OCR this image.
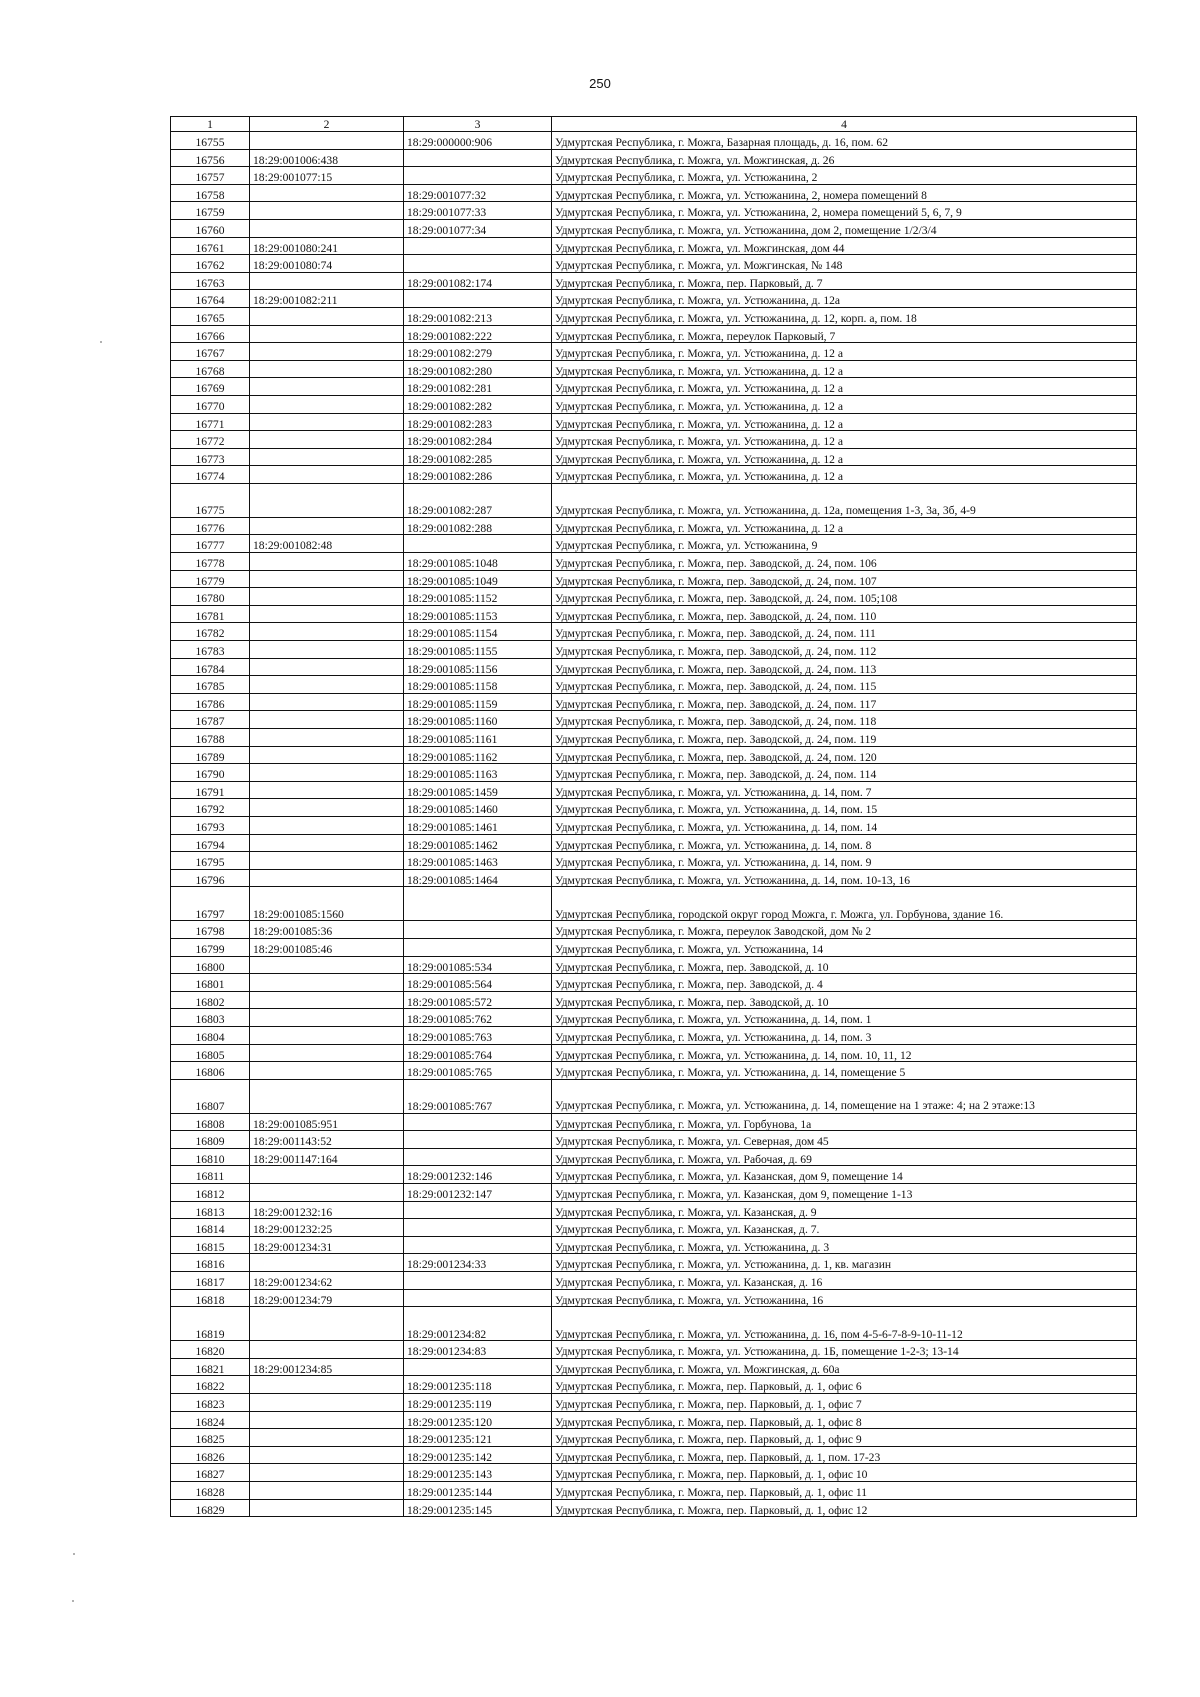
250
1	2	3	4
16755		18:29:000000:906	Удмуртская Республика, г. Можга, Базарная площадь, д. 16, пом. 62
16756	18:29:001006:438		Удмуртская Республика, г. Можга, ул. Можгинская, д. 26
16757	18:29:001077:15		Удмуртская Республика, г. Можга, ул. Устюжанина, 2
16758		18:29:001077:32	Удмуртская Республика, г. Можга, ул. Устюжанина, 2, номера помещений 8
16759		18:29:001077:33	Удмуртская Республика, г. Можга, ул. Устюжанина, 2, номера помещений 5, 6, 7, 9
16760		18:29:001077:34	Удмуртская Республика, г. Можга, ул. Устюжанина, дом 2, помещение 1/2/3/4
16761	18:29:001080:241		Удмуртская Республика, г. Можга, ул. Можгинская, дом 44
16762	18:29:001080:74		Удмуртская Республика, г. Можга, ул. Можгинская, № 148
16763		18:29:001082:174	Удмуртская Республика, г. Можга, пер. Парковый, д. 7
16764	18:29:001082:211		Удмуртская Республика, г. Можга, ул. Устюжанина, д. 12а
16765		18:29:001082:213	Удмуртская Республика, г. Можга, ул. Устюжанина, д. 12, корп. а, пом. 18
16766		18:29:001082:222	Удмуртская Республика, г. Можга, переулок Парковый, 7
16767		18:29:001082:279	Удмуртская Республика, г. Можга, ул. Устюжанина, д. 12 а
16768		18:29:001082:280	Удмуртская Республика, г. Можга, ул. Устюжанина, д. 12 а
16769		18:29:001082:281	Удмуртская Республика, г. Можга, ул. Устюжанина, д. 12 а
16770		18:29:001082:282	Удмуртская Республика, г. Можга, ул. Устюжанина, д. 12 а
16771		18:29:001082:283	Удмуртская Республика, г. Можга, ул. Устюжанина, д. 12 а
16772		18:29:001082:284	Удмуртская Республика, г. Можга, ул. Устюжанина, д. 12 а
16773		18:29:001082:285	Удмуртская Республика, г. Можга, ул. Устюжанина, д. 12 а
16774		18:29:001082:286	Удмуртская Республика, г. Можга, ул. Устюжанина, д. 12 а
16775		18:29:001082:287	Удмуртская Республика, г. Можга, ул. Устюжанина, д. 12а, помещения 1-3, 3а, 3б, 4-9
16776		18:29:001082:288	Удмуртская Республика, г. Можга, ул. Устюжанина, д. 12 а
16777	18:29:001082:48		Удмуртская Республика, г. Можга, ул. Устюжанина, 9
16778		18:29:001085:1048	Удмуртская Республика, г. Можга, пер. Заводской, д. 24, пом. 106
16779		18:29:001085:1049	Удмуртская Республика, г. Можга, пер. Заводской, д. 24, пом. 107
16780		18:29:001085:1152	Удмуртская Республика, г. Можга, пер. Заводской, д. 24, пом. 105;108
16781		18:29:001085:1153	Удмуртская Республика, г. Можга, пер. Заводской, д. 24, пом. 110
16782		18:29:001085:1154	Удмуртская Республика, г. Можга, пер. Заводской, д. 24, пом. 111
16783		18:29:001085:1155	Удмуртская Республика, г. Можга, пер. Заводской, д. 24, пом. 112
16784		18:29:001085:1156	Удмуртская Республика, г. Можга, пер. Заводской, д. 24, пом. 113
16785		18:29:001085:1158	Удмуртская Республика, г. Можга, пер. Заводской, д. 24, пом. 115
16786		18:29:001085:1159	Удмуртская Республика, г. Можга, пер. Заводской, д. 24, пом. 117
16787		18:29:001085:1160	Удмуртская Республика, г. Можга, пер. Заводской, д. 24, пом. 118
16788		18:29:001085:1161	Удмуртская Республика, г. Можга, пер. Заводской, д. 24, пом. 119
16789		18:29:001085:1162	Удмуртская Республика, г. Можга, пер. Заводской, д. 24, пом. 120
16790		18:29:001085:1163	Удмуртская Республика, г. Можга, пер. Заводской, д. 24, пом. 114
16791		18:29:001085:1459	Удмуртская Республика, г. Можга, ул. Устюжанина, д. 14, пом. 7
16792		18:29:001085:1460	Удмуртская Республика, г. Можга, ул. Устюжанина, д. 14, пом. 15
16793		18:29:001085:1461	Удмуртская Республика, г. Можга, ул. Устюжанина, д. 14, пом. 14
16794		18:29:001085:1462	Удмуртская Республика, г. Можга, ул. Устюжанина, д. 14, пом. 8
16795		18:29:001085:1463	Удмуртская Республика, г. Можга, ул. Устюжанина, д. 14, пом. 9
16796		18:29:001085:1464	Удмуртская Республика, г. Можга, ул. Устюжанина, д. 14, пом. 10-13, 16
16797	18:29:001085:1560		Удмуртская Республика, городской округ город Можга, г. Можга, ул. Горбунова, здание 16.
16798	18:29:001085:36		Удмуртская Республика, г. Можга, переулок Заводской, дом № 2
16799	18:29:001085:46		Удмуртская Республика, г. Можга, ул. Устюжанина, 14
16800		18:29:001085:534	Удмуртская Республика, г. Можга, пер. Заводской, д. 10
16801		18:29:001085:564	Удмуртская Республика, г. Можга, пер. Заводской, д. 4
16802		18:29:001085:572	Удмуртская Республика, г. Можга, пер. Заводской, д. 10
16803		18:29:001085:762	Удмуртская Республика, г. Можга, ул. Устюжанина, д. 14, пом. 1
16804		18:29:001085:763	Удмуртская Республика, г. Можга, ул. Устюжанина, д. 14, пом. 3
16805		18:29:001085:764	Удмуртская Республика, г. Можга, ул. Устюжанина, д. 14, пом. 10, 11, 12
16806		18:29:001085:765	Удмуртская Республика, г. Можга, ул. Устюжанина, д. 14, помещение 5
16807		18:29:001085:767	Удмуртская Республика, г. Можга, ул. Устюжанина, д. 14, помещение на 1 этаже: 4; на 2 этаже:13
16808	18:29:001085:951		Удмуртская Республика, г. Можга, ул. Горбунова, 1а
16809	18:29:001143:52		Удмуртская Республика, г. Можга, ул. Северная, дом 45
16810	18:29:001147:164		Удмуртская Республика, г. Можга, ул. Рабочая, д. 69
16811		18:29:001232:146	Удмуртская Республика, г. Можга, ул. Казанская, дом 9, помещение 14
16812		18:29:001232:147	Удмуртская Республика, г. Можга, ул. Казанская, дом 9, помещение 1-13
16813	18:29:001232:16		Удмуртская Республика, г. Можга, ул. Казанская, д. 9
16814	18:29:001232:25		Удмуртская Республика, г. Можга, ул. Казанская, д. 7.
16815	18:29:001234:31		Удмуртская Республика, г. Можга, ул. Устюжанина, д. 3
16816		18:29:001234:33	Удмуртская Республика, г. Можга, ул. Устюжанина, д. 1, кв. магазин
16817	18:29:001234:62		Удмуртская Республика, г. Можга, ул. Казанская, д. 16
16818	18:29:001234:79		Удмуртская Республика, г. Можга, ул. Устюжанина, 16
16819		18:29:001234:82	Удмуртская Республика, г. Можга, ул. Устюжанина, д. 16, пом 4-5-6-7-8-9-10-11-12
16820		18:29:001234:83	Удмуртская Республика, г. Можга, ул. Устюжанина, д. 1Б, помещение 1-2-3; 13-14
16821	18:29:001234:85		Удмуртская Республика, г. Можга, ул. Можгинская, д. 60а
16822		18:29:001235:118	Удмуртская Республика, г. Можга, пер. Парковый, д. 1, офис 6
16823		18:29:001235:119	Удмуртская Республика, г. Можга, пер. Парковый, д. 1, офис 7
16824		18:29:001235:120	Удмуртская Республика, г. Можга, пер. Парковый, д. 1, офис 8
16825		18:29:001235:121	Удмуртская Республика, г. Можга, пер. Парковый, д. 1, офис 9
16826		18:29:001235:142	Удмуртская Республика, г. Можга, пер. Парковый, д. 1, пом. 17-23
16827		18:29:001235:143	Удмуртская Республика, г. Можга, пер. Парковый, д. 1, офис 10
16828		18:29:001235:144	Удмуртская Республика, г. Можга, пер. Парковый, д. 1, офис 11
16829		18:29:001235:145	Удмуртская Республика, г. Можга, пер. Парковый, д. 1, офис 12
